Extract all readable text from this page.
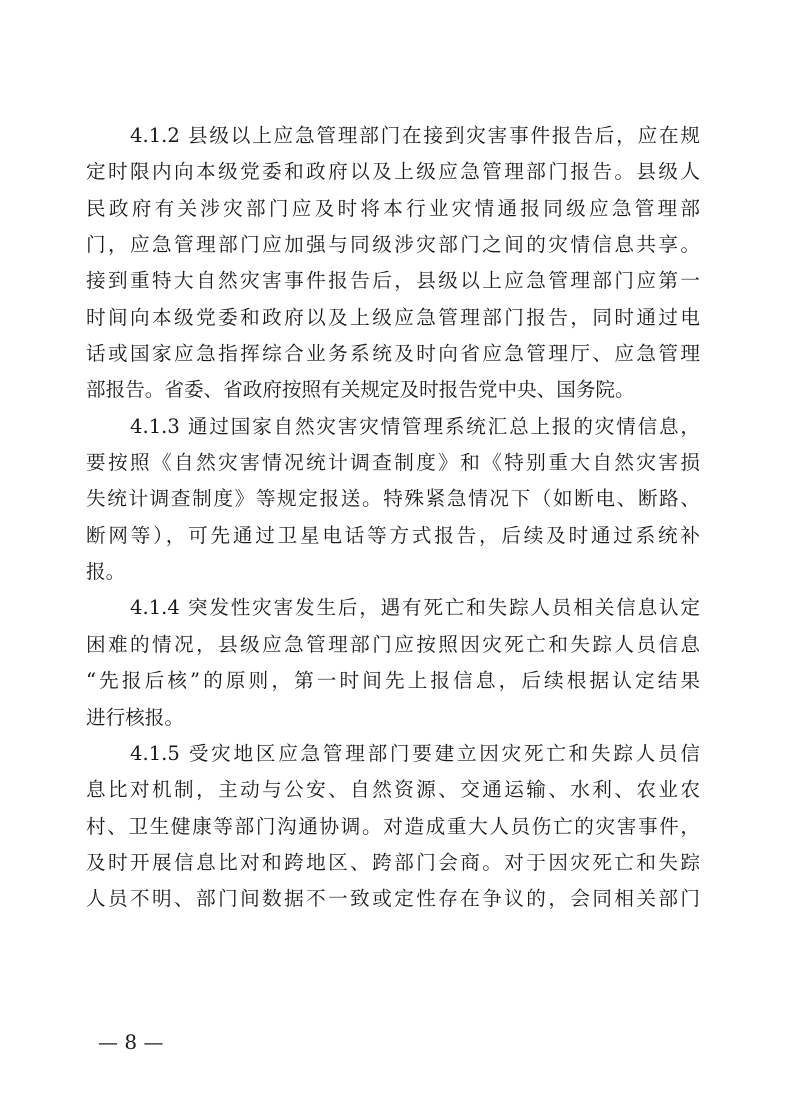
4.1.2 县级以上应急管理部门在接到灾害事件报告后，应在规
定时限内向本级党委和政府以及上级应急管理部门报告。县级人
民政府有关涉灾部门应及时将本行业灾情通报同级应急管理部
门，应急管理部门应加强与同级涉灾部门之间的灾情信息共享。
接到重特大自然灾害事件报告后，县级以上应急管理部门应第一
时间向本级党委和政府以及上级应急管理部门报告，同时通过电
话或国家应急指挥综合业务系统及时向省应急管理厅、应急管理
部报告。省委、省政府按照有关规定及时报告党中央、国务院。
4.1.3 通过国家自然灾害灾情管理系统汇总上报的灾情信息，
要按照《自然灾害情况统计调查制度》和《特别重大自然灾害损
失统计调查制度》等规定报送。特殊紧急情况下（如断电、断路、
断网等），可先通过卫星电话等方式报告，后续及时通过系统补
报。
4.1.4 突发性灾害发生后，遇有死亡和失踪人员相关信息认定
困难的情况，县级应急管理部门应按照因灾死亡和失踪人员信息
“先报后核”的原则，第一时间先上报信息，后续根据认定结果
进行核报。
4.1.5 受灾地区应急管理部门要建立因灾死亡和失踪人员信
息比对机制，主动与公安、自然资源、交通运输、水利、农业农
村、卫生健康等部门沟通协调。对造成重大人员伤亡的灾害事件，
及时开展信息比对和跨地区、跨部门会商。对于因灾死亡和失踪
人员不明、部门间数据不一致或定性存在争议的，会同相关部门
— 8 —
